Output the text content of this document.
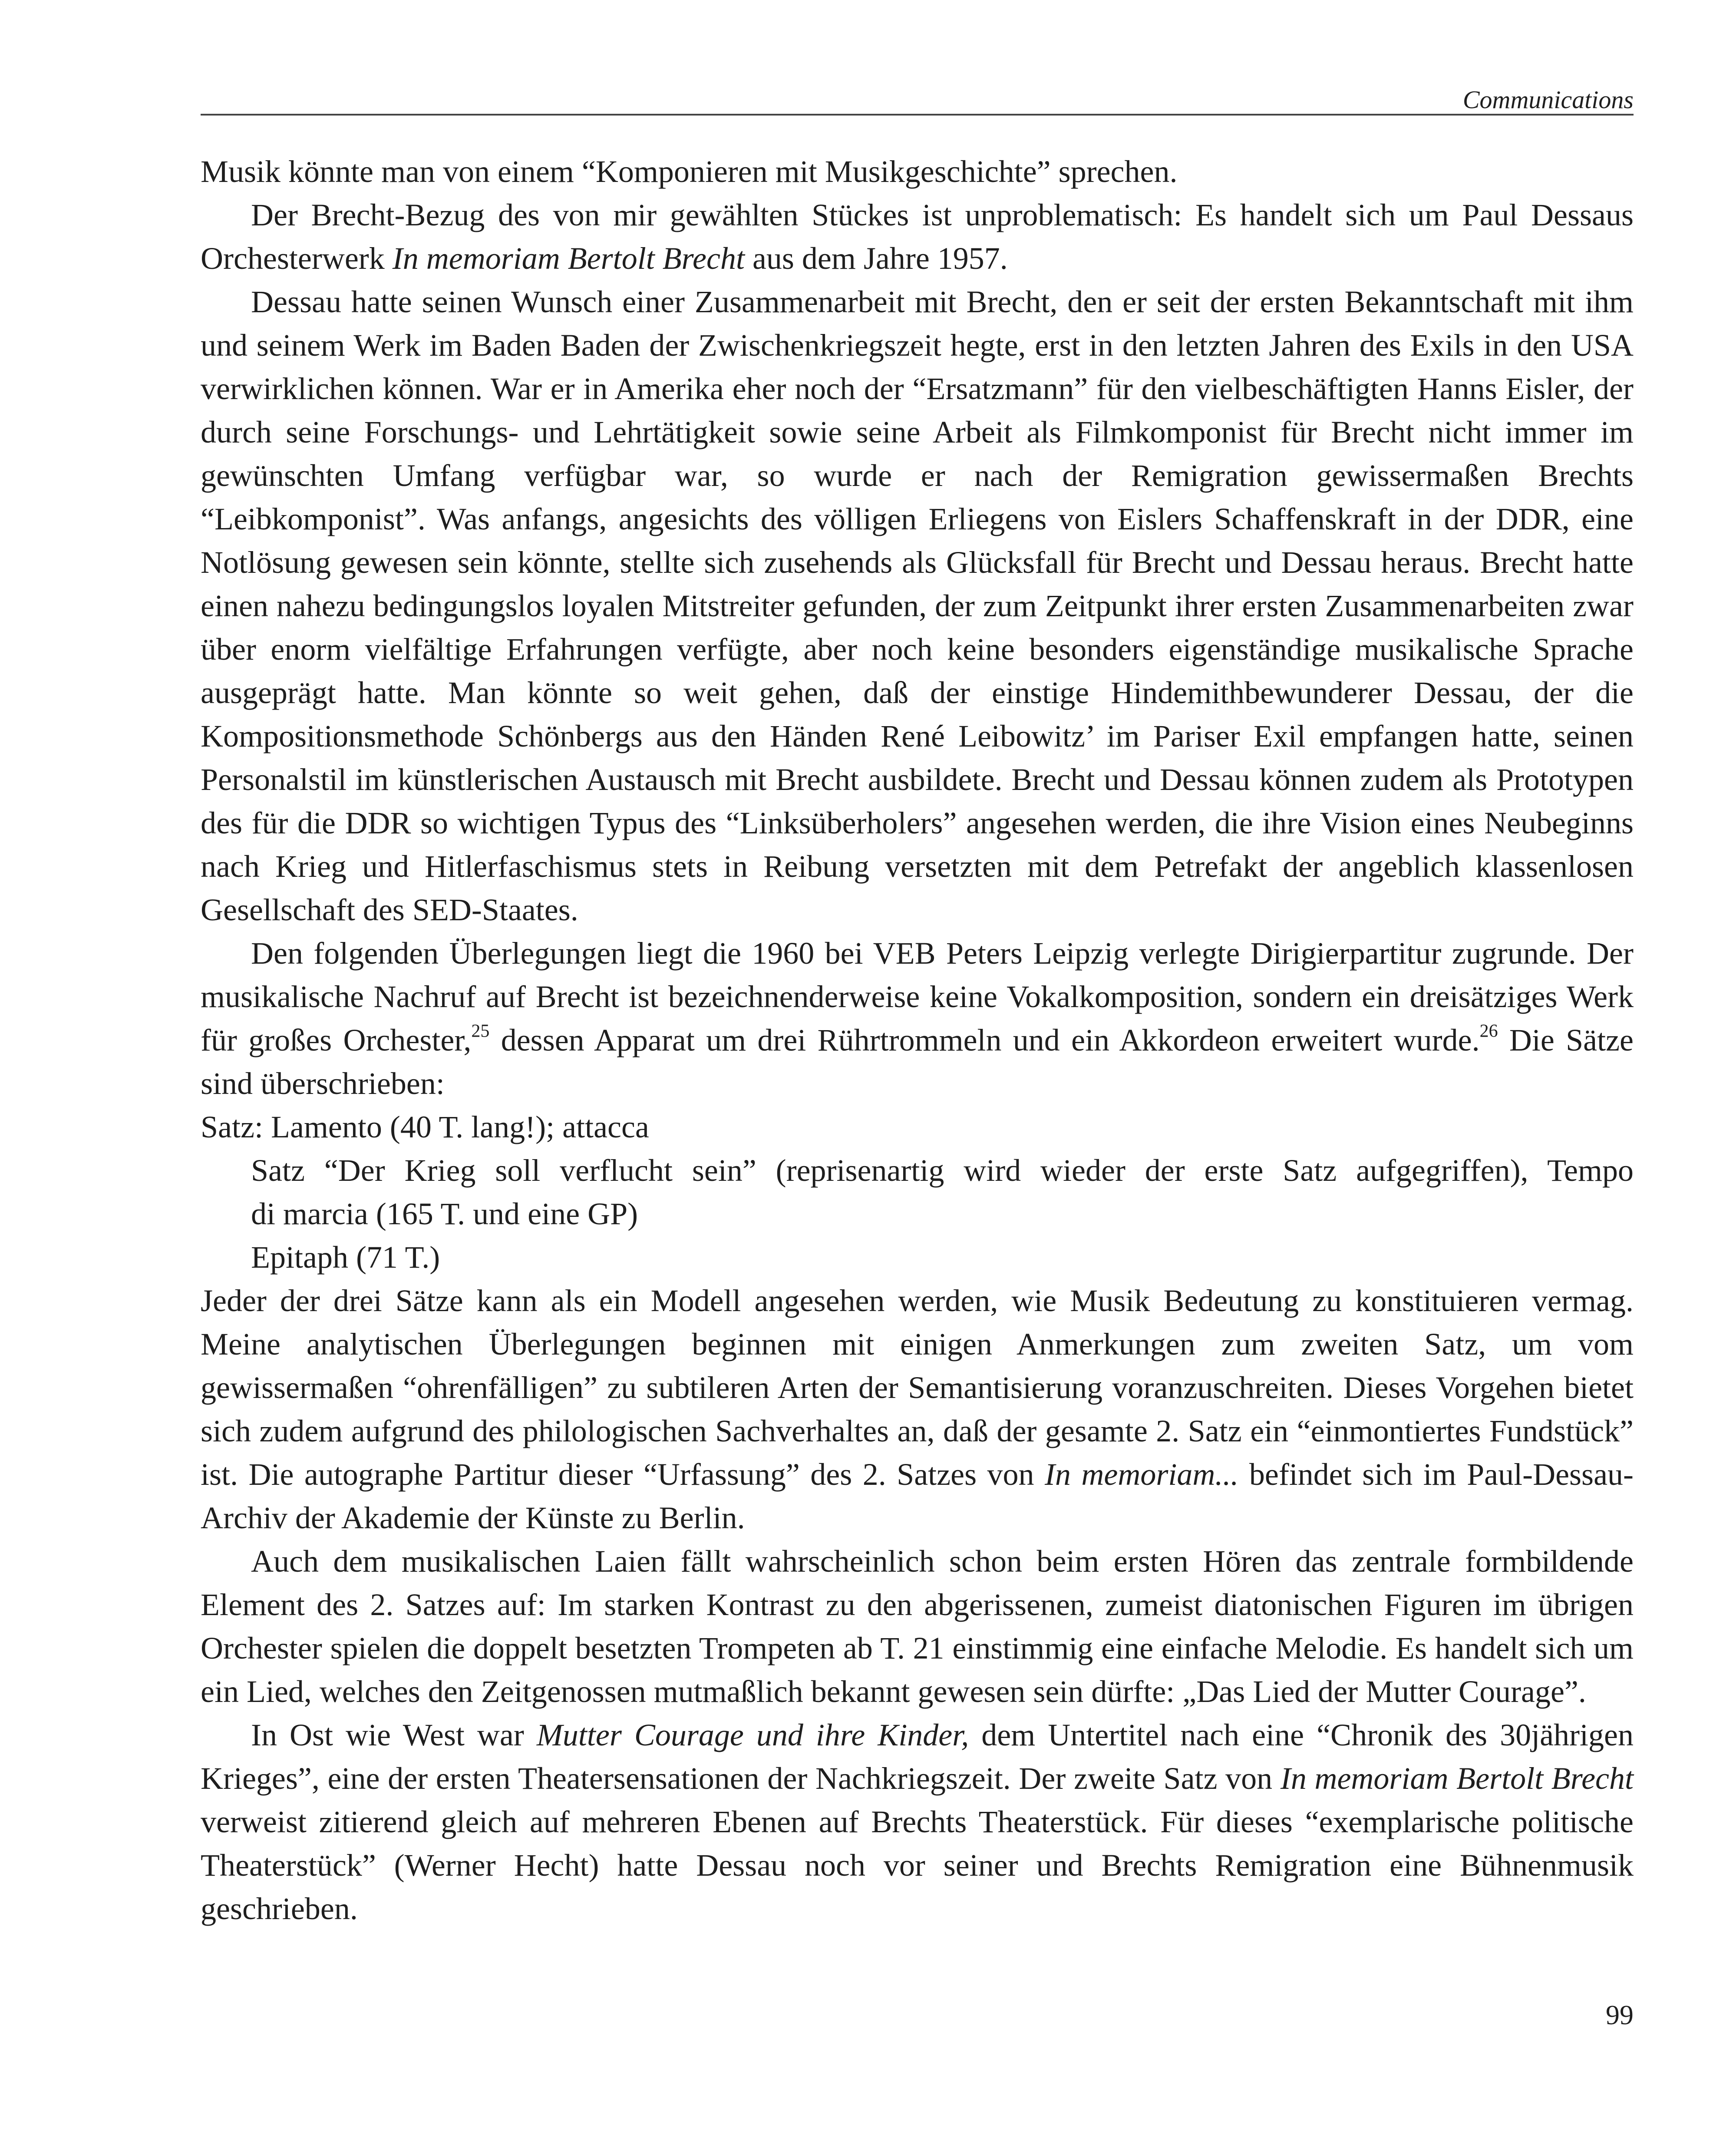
Communications

Musik könnte man von einem “Komponieren mit Musikgeschichte” sprechen.

Der Brecht-Bezug des von mir gewählten Stückes ist unproblematisch: Es handelt sich um Paul Dessaus Orchesterwerk In memoriam Bertolt Brecht aus dem Jahre 1957.

Dessau hatte seinen Wunsch einer Zusammenarbeit mit Brecht, den er seit der ersten Bekanntschaft mit ihm und seinem Werk im Baden Baden der Zwischenkriegszeit hegte, erst in den letzten Jahren des Exils in den USA verwirklichen können. War er in Amerika eher noch der “Ersatzmann” für den vielbeschäftigten Hanns Eisler, der durch seine Forschungs- und Lehrtätigkeit sowie seine Arbeit als Filmkomponist für Brecht nicht immer im gewünschten Umfang verfügbar war, so wurde er nach der Remigration gewissermaßen Brechts “Leibkomponist”. Was anfangs, angesichts des völligen Erliegens von Eislers Schaffenskraft in der DDR, eine Notlösung gewesen sein könnte, stellte sich zusehends als Glücksfall für Brecht und Dessau heraus. Brecht hatte einen nahezu bedingungslos loyalen Mitstreiter gefunden, der zum Zeitpunkt ihrer ersten Zusammenarbeiten zwar über enorm vielfältige Erfahrungen verfügte, aber noch keine besonders eigenständige musikalische Sprache ausgeprägt hatte. Man könnte so weit gehen, daß der einstige Hindemithbewunderer Dessau, der die Kompositionsmethode Schönbergs aus den Händen René Leibowitz’ im Pariser Exil empfangen hatte, seinen Personalstil im künstlerischen Austausch mit Brecht ausbildete. Brecht und Dessau können zudem als Prototypen des für die DDR so wichtigen Typus des “Linksüberholers” angesehen werden, die ihre Vision eines Neubeginns nach Krieg und Hitlerfaschismus stets in Reibung versetzten mit dem Petrefakt der angeblich klassenlosen Gesellschaft des SED-Staates.

Den folgenden Überlegungen liegt die 1960 bei VEB Peters Leipzig verlegte Dirigierpartitur zugrunde. Der musikalische Nachruf auf Brecht ist bezeichnenderweise keine Vokalkomposition, sondern ein dreisätziges Werk für großes Orchester,$^{25}$ dessen Apparat um drei Rührtrommeln und ein Akkordeon erweitert wurde.$^{26}$ Die Sätze sind überschrieben:

Satz: Lamento (40 T. lang!); attacca

Satz “Der Krieg soll verflucht sein” (reprisenartig wird wieder der erste Satz aufgegriffen), Tempo

di marcia (165 T. und eine GP)

Epitaph (71 T.)

Jeder der drei Sätze kann als ein Modell angesehen werden, wie Musik Bedeutung zu konstituieren vermag. Meine analytischen Überlegungen beginnen mit einigen Anmerkungen zum zweiten Satz, um vom gewissermaßen “ohrenfälligen” zu subtileren Arten der Semantisierung voranzuschreiten. Dieses Vorgehen bietet sich zudem aufgrund des philologischen Sachverhaltes an, daß der gesamte 2. Satz ein “einmontiertes Fundstück” ist. Die autographe Partitur dieser “Urfassung” des 2. Satzes von In memoriam... befindet sich im Paul-Dessau-Archiv der Akademie der Künste zu Berlin.

Auch dem musikalischen Laien fällt wahrscheinlich schon beim ersten Hören das zentrale formbildende Element des 2. Satzes auf: Im starken Kontrast zu den abgerissenen, zumeist diatonischen Figuren im übrigen Orchester spielen die doppelt besetzten Trompeten ab T. 21 einstimmig eine einfache Melodie. Es handelt sich um ein Lied, welches den Zeitgenossen mutmaßlich bekannt gewesen sein dürfte: „Das Lied der Mutter Courage”.

In Ost wie West war Mutter Courage und ihre Kinder, dem Untertitel nach eine “Chronik des 30jährigen Krieges”, eine der ersten Theatersensationen der Nachkriegszeit. Der zweite Satz von In memoriam Bertolt Brecht verweist zitierend gleich auf mehreren Ebenen auf Brechts Theaterstück. Für dieses “exemplarische politische Theaterstück” (Werner Hecht) hatte Dessau noch vor seiner und Brechts Remigration eine Bühnenmusik geschrieben.

99
